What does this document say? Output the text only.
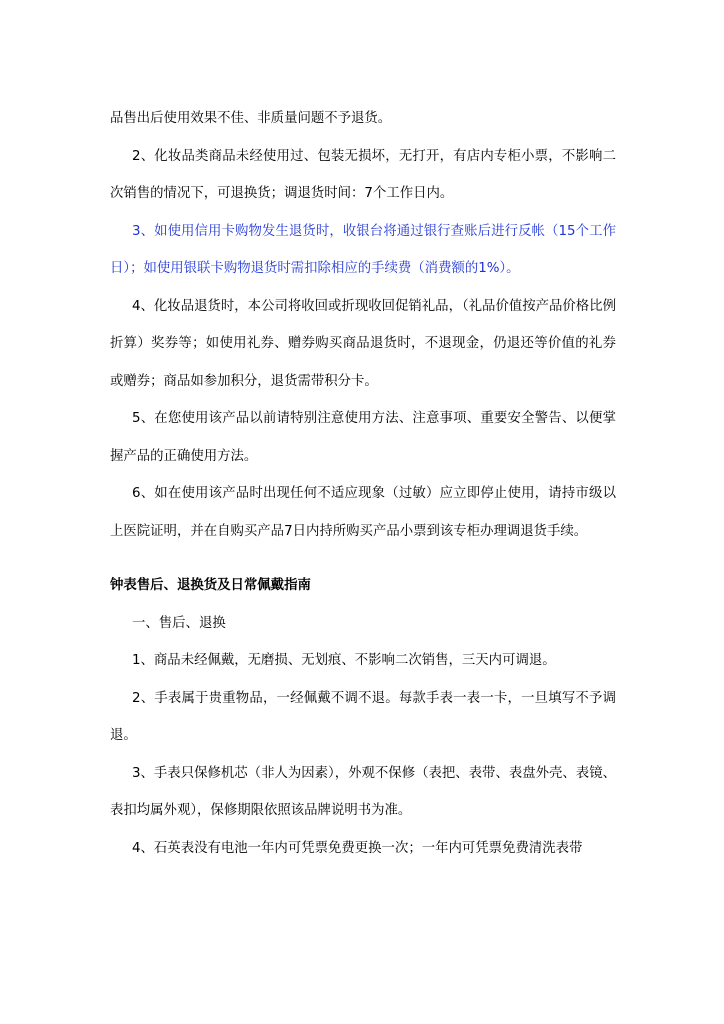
品售出后使用效果不佳、非质量问题不予退货。

2、化妆品类商品未经使用过、包装无损坏，无打开，有店内专柜小票，不影响二次销售的情况下，可退换货；调退货时间：7个工作日内。

3、如使用信用卡购物发生退货时，收银台将通过银行查账后进行反帐（15个工作日）；如使用银联卡购物退货时需扣除相应的手续费（消费额的1%）。

4、化妆品退货时，本公司将收回或折现收回促销礼品，（礼品价值按产品价格比例折算）奖券等；如使用礼券、赠券购买商品退货时，不退现金，仍退还等价值的礼券或赠券；商品如参加积分，退货需带积分卡。

5、在您使用该产品以前请特别注意使用方法、注意事项、重要安全警告、以便掌握产品的正确使用方法。

6、如在使用该产品时出现任何不适应现象（过敏）应立即停止使用，请持市级以上医院证明，并在自购买产品7日内持所购买产品小票到该专柜办理调退货手续。

钟表售后、退换货及日常佩戴指南

一、售后、退换

1、商品未经佩戴，无磨损、无划痕、不影响二次销售，三天内可调退。

2、手表属于贵重物品，一经佩戴不调不退。每款手表一表一卡，一旦填写不予调退。

3、手表只保修机芯（非人为因素），外观不保修（表把、表带、表盘外壳、表镜、表扣均属外观），保修期限依照该品牌说明书为准。

4、石英表没有电池一年内可凭票免费更换一次；一年内可凭票免费清洗表带
